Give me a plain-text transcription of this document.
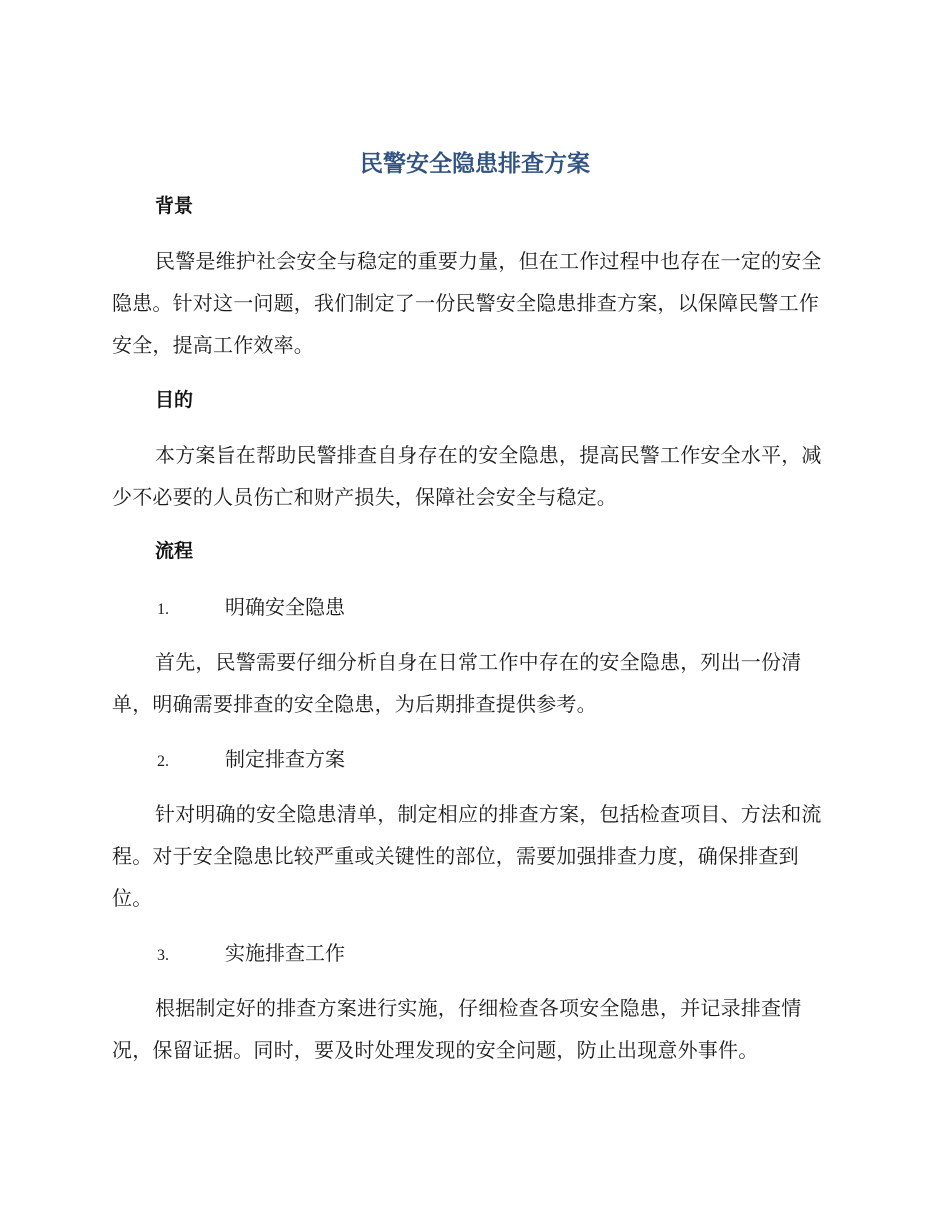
民警安全隐患排查方案
背景
民警是维护社会安全与稳定的重要力量，但在工作过程中也存在一定的安全隐患。针对这一问题，我们制定了一份民警安全隐患排查方案，以保障民警工作安全，提高工作效率。
目的
本方案旨在帮助民警排查自身存在的安全隐患，提高民警工作安全水平，减少不必要的人员伤亡和财产损失，保障社会安全与稳定。
流程
1.	明确安全隐患
首先，民警需要仔细分析自身在日常工作中存在的安全隐患，列出一份清单，明确需要排查的安全隐患，为后期排查提供参考。
2.	制定排查方案
针对明确的安全隐患清单，制定相应的排查方案，包括检查项目、方法和流程。对于安全隐患比较严重或关键性的部位，需要加强排查力度，确保排查到位。
3.	实施排查工作
根据制定好的排查方案进行实施，仔细检查各项安全隐患，并记录排查情况，保留证据。同时，要及时处理发现的安全问题，防止出现意外事件。
